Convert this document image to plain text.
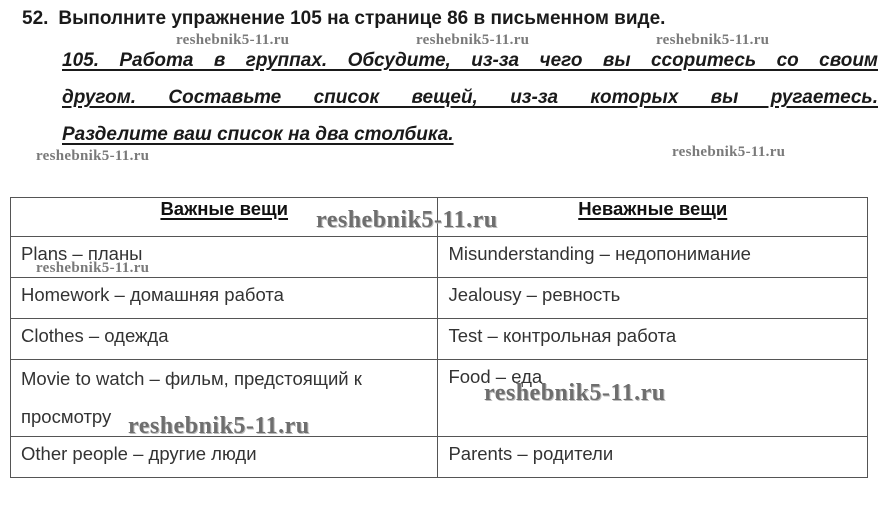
52. Выполните упражнение 105 на странице 86 в письменном виде.
105. Работа в группах. Обсудите, из-за чего вы ссоритесь со своим
другом. Составьте список вещей, из-за которых вы ругаетесь.
Разделите ваш список на два столбика.
Важные вещи	Неважные вещи
Plans – планы	Misunderstanding – недопонимание
Homework – домашняя работа	Jealousy – ревность
Clothes – одежда	Test – контрольная работа
Movie to watch – фильм, предстоящий к просмотру	Food – еда
Other people – другие люди	Parents – родители
reshebnik5-11.ru	reshebnik5-11.ru	reshebnik5-11.ru
reshebnik5-11.ru	reshebnik5-11.ru
reshebnik5-11.ru
reshebnik5-11.ru
reshebnik5-11.ru
reshebnik5-11.ru
